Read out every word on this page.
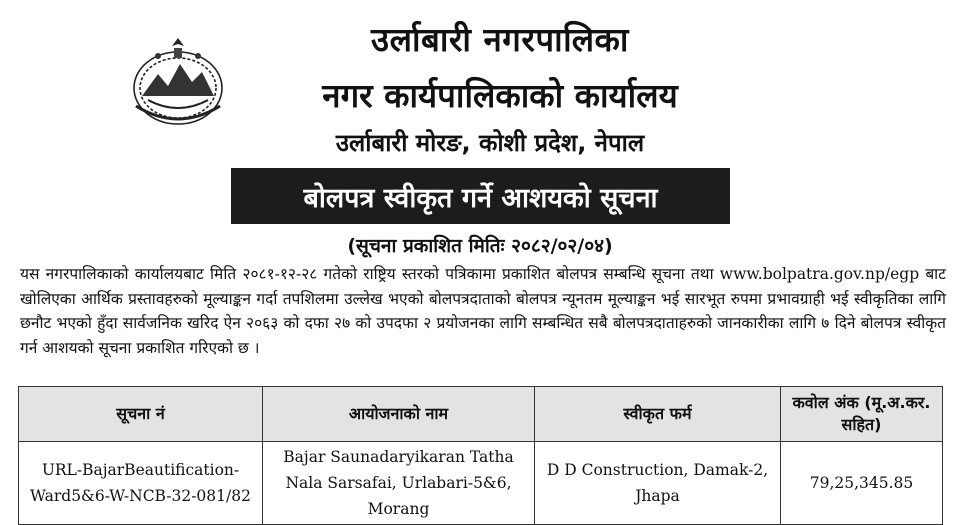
उर्लाबारी नगरपालिका
नगर कार्यपालिकाको कार्यालय
उर्लाबारी मोरङ, कोशी प्रदेश, नेपाल
बोलपत्र स्वीकृत गर्ने आशयको सूचना
(सूचना प्रकाशित मितिः २०८२/०२/०४)
यस नगरपालिकाको कार्यालयबाट मिति २०८१-१२-२८ गतेको राष्ट्रिय स्तरको पत्रिकामा प्रकाशित बोलपत्र सम्बन्धि सूचना तथा www.bolpatra.gov.np/egp बाट खोलिएका आर्थिक प्रस्तावहरुको मूल्याङ्कन गर्दा तपशिलमा उल्लेख भएको बोलपत्रदाताको बोलपत्र न्यूनतम मूल्याङ्कन भई सारभूत रुपमा प्रभावग्राही भई स्वीकृतिका लागि छनौट भएको हुँदा सार्वजनिक खरिद ऐन २०६३ को दफा २७ को उपदफा २ प्रयोजनका लागि सम्बन्धित सबै बोलपत्रदाताहरुको जानकारीका लागि ७ दिने बोलपत्र स्वीकृत गर्न आशयको सूचना प्रकाशित गरिएको छ ।
सूचना नं	आयोजनाको नाम	स्वीकृत फर्म	कवोल अंक (मू.अ.कर. सहित)
URL-BajarBeautification-Ward5&6-W-NCB-32-081/82	Bajar Saunadaryikaran Tatha Nala Sarsafai, Urlabari-5&6, Morang	D D Construction, Damak-2, Jhapa	79,25,345.85
